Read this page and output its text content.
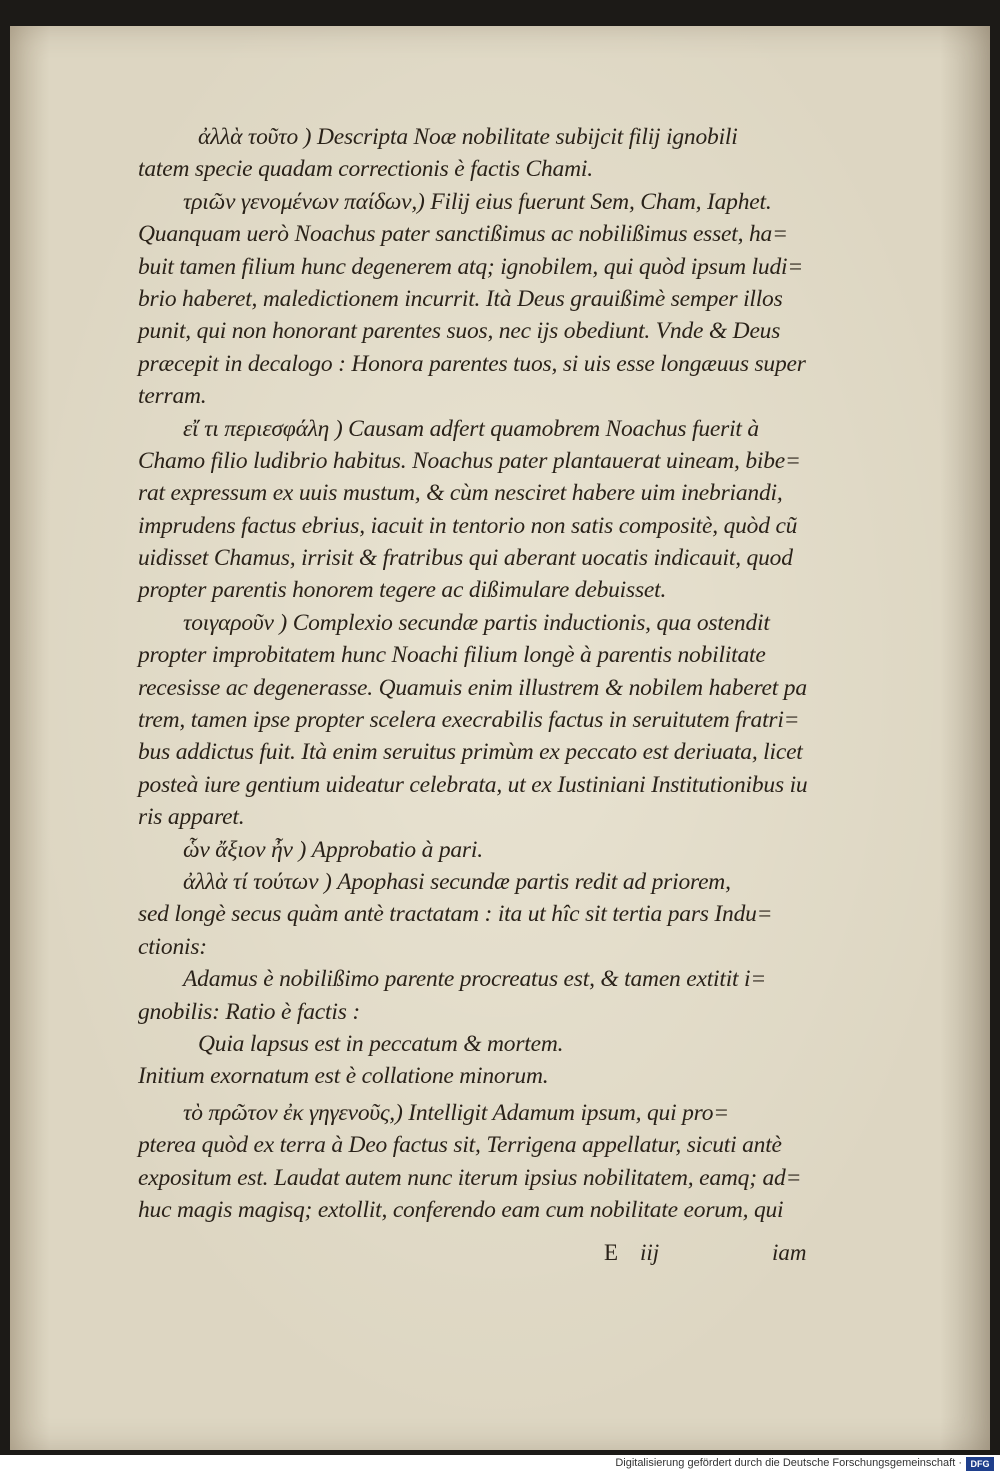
ἀλλὰ τοῦτο ) Descripta Noæ nobilitate subijcit filij ignobili
tatem specie quadam correctionis è factis Chami.
τριῶν γενομένων παίδων,) Filij eius fuerunt Sem, Cham, Iaphet.
Quanquam uerò Noachus pater sanctißimus ac nobilißimus esset, ha=
buit tamen filium hunc degenerem atq; ignobilem, qui quòd ipsum ludi=
brio haberet, maledictionem incurrit. Ità Deus grauißimè semper illos
punit, qui non honorant parentes suos, nec ijs obediunt. Vnde & Deus
præcepit in decalogo : Honora parentes tuos, si uis esse longæuus super
terram.
εἴ τι περιεσφάλη ) Causam adfert quamobrem Noachus fuerit à
Chamo filio ludibrio habitus. Noachus pater plantauerat uineam, bibe=
rat expressum ex uuis mustum, & cùm nesciret habere uim inebriandi,
imprudens factus ebrius, iacuit in tentorio non satis compositè, quòd cũ
uidisset Chamus, irrisit & fratribus qui aberant uocatis indicauit, quod
propter parentis honorem tegere ac dißimulare debuisset.
τοιγαροῦν ) Complexio secundæ partis inductionis, qua ostendit
propter improbitatem hunc Noachi filium longè à parentis nobilitate
recesisse ac degenerasse. Quamuis enim illustrem & nobilem haberet pa
trem, tamen ipse propter scelera execrabilis factus in seruitutem fratri=
bus addictus fuit. Ità enim seruitus primùm ex peccato est deriuata, licet
posteà iure gentium uideatur celebrata, ut ex Iustiniani Institutionibus iu
ris apparet.
ὧν ἄξιον ἦν ) Approbatio à pari.
ἀλλὰ τί τούτων ) Apophasi secundæ partis redit ad priorem,
sed longè secus quàm antè tractatam : ita ut hîc sit tertia pars Indu=
ctionis:
Adamus è nobilißimo parente procreatus est, & tamen extitit i=
gnobilis: Ratio è factis :
Quia lapsus est in peccatum & mortem.
Initium exornatum est è collatione minorum.
τὸ πρῶτον ἐκ γηγενοῦς,) Intelligit Adamum ipsum, qui pro=
pterea quòd ex terra à Deo factus sit, Terrigena appellatur, sicuti antè
expositum est. Laudat autem nunc iterum ipsius nobilitatem, eamq; ad=
huc magis magisq; extollit, conferendo eam cum nobilitate eorum, qui
E iij	iam
Digitalisierung gefördert durch die Deutsche Forschungsgemeinschaft · DFG
